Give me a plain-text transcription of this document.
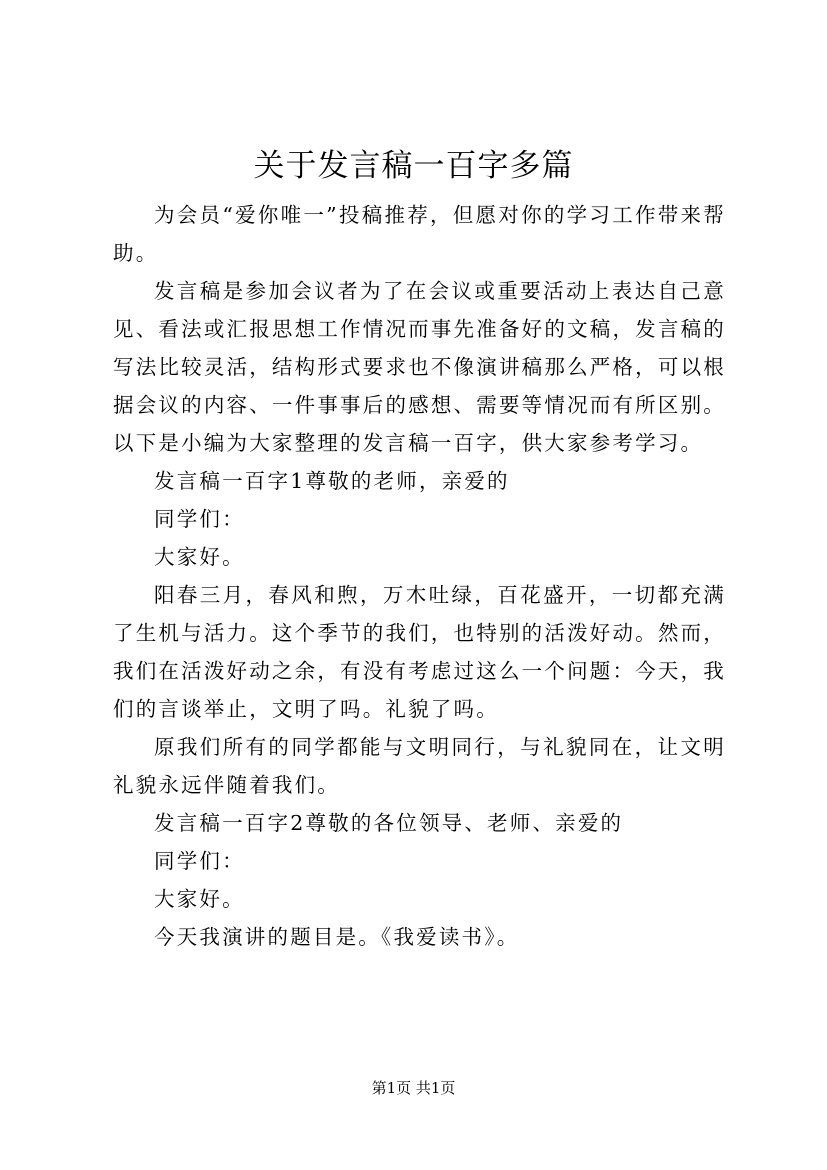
关于发言稿一百字多篇

为会员“爱你唯一”投稿推荐，但愿对你的学习工作带来帮助。

发言稿是参加会议者为了在会议或重要活动上表达自己意见、看法或汇报思想工作情况而事先准备好的文稿，发言稿的写法比较灵活，结构形式要求也不像演讲稿那么严格，可以根据会议的内容、一件事事后的感想、需要等情况而有所区别。以下是小编为大家整理的发言稿一百字，供大家参考学习。

发言稿一百字1尊敬的老师，亲爱的

同学们：

大家好。

阳春三月，春风和煦，万木吐绿，百花盛开，一切都充满了生机与活力。这个季节的我们，也特别的活泼好动。然而，我们在活泼好动之余，有没有考虑过这么一个问题：今天，我们的言谈举止，文明了吗。礼貌了吗。

原我们所有的同学都能与文明同行，与礼貌同在，让文明礼貌永远伴随着我们。

发言稿一百字2尊敬的各位领导、老师、亲爱的

同学们：

大家好。

今天我演讲的题目是。《我爱读书》。

第1页 共1页
